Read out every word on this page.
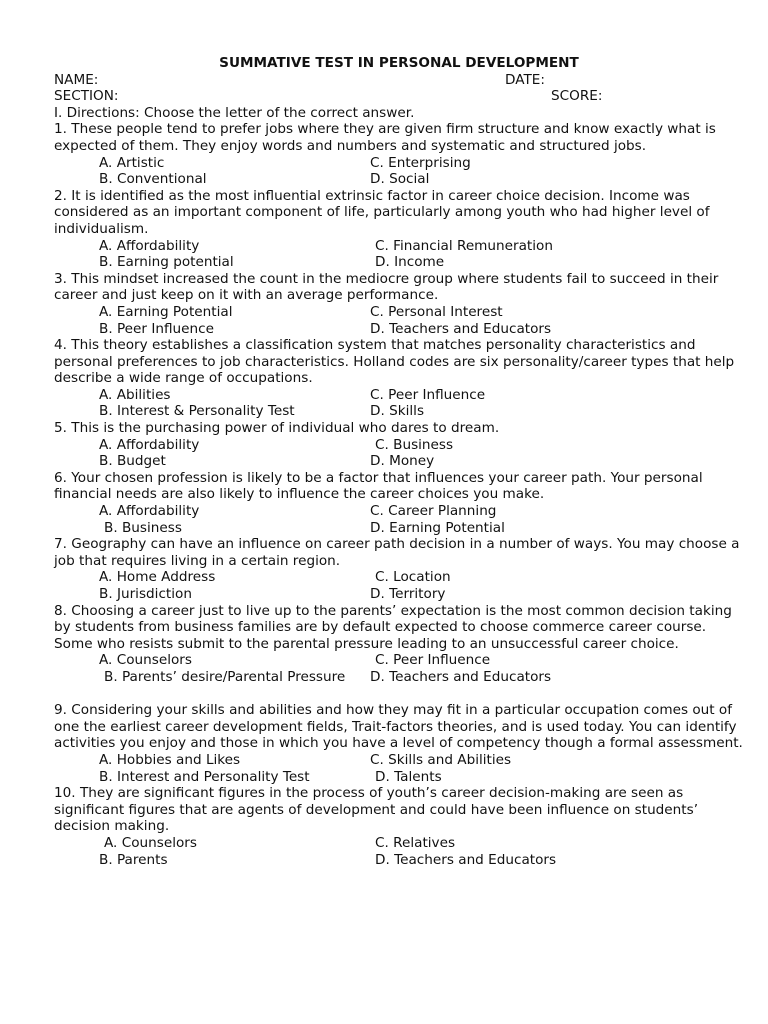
SUMMATIVE TEST IN PERSONAL DEVELOPMENT
NAME:	DATE:
SECTION:	SCORE:
I. Directions: Choose the letter of the correct answer.
1. These people tend to prefer jobs where they are given firm structure and know exactly what is expected of them. They enjoy words and numbers and systematic and structured jobs.
A. Artistic	C. Enterprising
B. Conventional	D. Social
2. It is identified as the most influential extrinsic factor in career choice decision. Income was considered as an important component of life, particularly among youth who had higher level of individualism.
A. Affordability	C. Financial Remuneration
B. Earning potential	D. Income
3. This mindset increased the count in the mediocre group where students fail to succeed in their career and just keep on it with an average performance.
A. Earning Potential	C. Personal Interest
B. Peer Influence	D. Teachers and Educators
4. This theory establishes a classification system that matches personality characteristics and personal preferences to job characteristics. Holland codes are six personality/career types that help describe a wide range of occupations.
A. Abilities	C. Peer Influence
B. Interest & Personality Test	D. Skills
5. This is the purchasing power of individual who dares to dream.
A. Affordability	C. Business
B. Budget	D. Money
6. Your chosen profession is likely to be a factor that influences your career path. Your personal financial needs are also likely to influence the career choices you make.
A. Affordability	C. Career Planning
B. Business	D. Earning Potential
7. Geography can have an influence on career path decision in a number of ways. You may choose a job that requires living in a certain region.
A. Home Address	C. Location
B. Jurisdiction	D. Territory
8. Choosing a career just to live up to the parents’ expectation is the most common decision taking by students from business families are by default expected to choose commerce career course. Some who resists submit to the parental pressure leading to an unsuccessful career choice.
A. Counselors	C. Peer Influence
B. Parents’ desire/Parental Pressure D. Teachers and Educators
9. Considering your skills and abilities and how they may fit in a particular occupation comes out of one the earliest career development fields, Trait-factors theories, and is used today. You can identify activities you enjoy and those in which you have a level of competency though a formal assessment.
A. Hobbies and Likes	C. Skills and Abilities
B. Interest and Personality Test	D. Talents
10. They are significant figures in the process of youth’s career decision-making are seen as significant figures that are agents of development and could have been influence on students’ decision making.
A. Counselors	C. Relatives
B. Parents	D. Teachers and Educators
